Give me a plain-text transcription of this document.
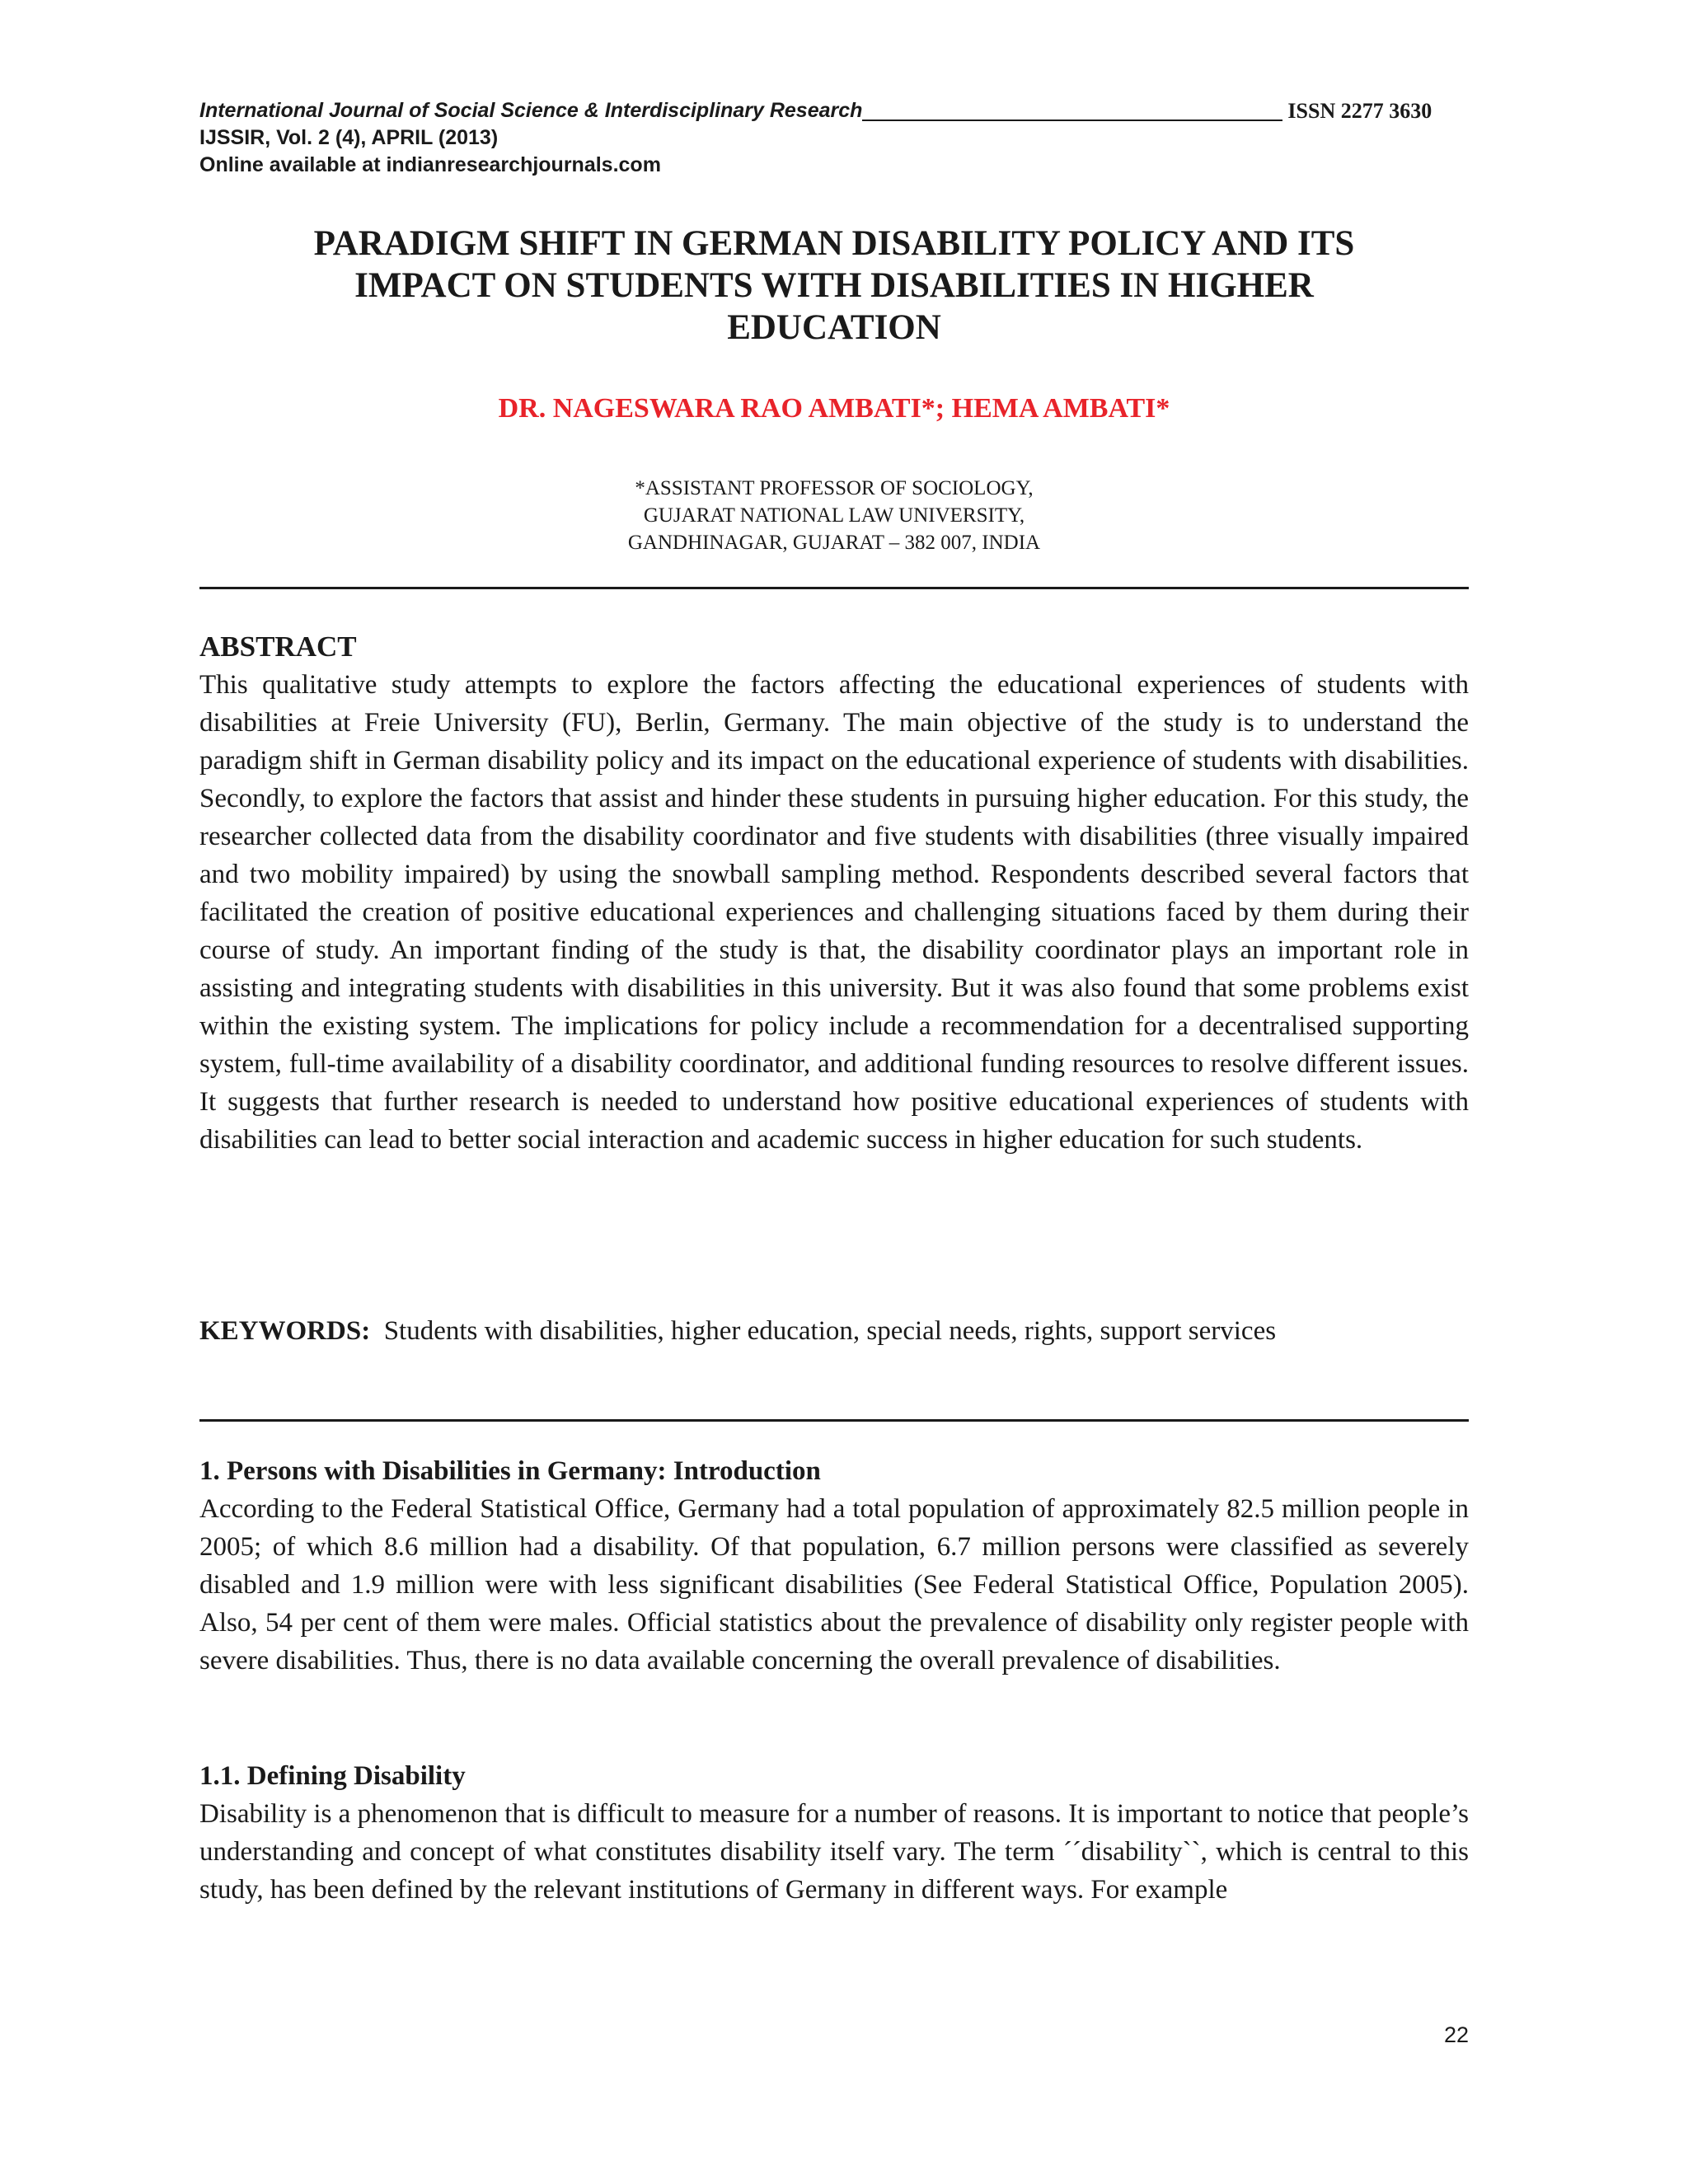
International Journal of Social Science & Interdisciplinary Research	ISSN 2277 3630
IJSSIR, Vol. 2 (4), APRIL (2013)
Online available at indianresearchjournals.com
PARADIGM SHIFT IN GERMAN DISABILITY POLICY AND ITS
IMPACT ON STUDENTS WITH DISABILITIES IN HIGHER
EDUCATION
DR. NAGESWARA RAO AMBATI*; HEMA AMBATI*
*ASSISTANT PROFESSOR OF SOCIOLOGY,
GUJARAT NATIONAL LAW UNIVERSITY,
GANDHINAGAR, GUJARAT – 382 007, INDIA
ABSTRACT

This qualitative study attempts to explore the factors affecting the educational experiences of students with disabilities at Freie University (FU), Berlin, Germany. The main objective of the study is to understand the paradigm shift in German disability policy and its impact on the educational experience of students with disabilities. Secondly, to explore the factors that assist and hinder these students in pursuing higher education. For this study, the researcher collected data from the disability coordinator and five students with disabilities (three visually impaired and two mobility impaired) by using the snowball sampling method. Respondents described several factors that facilitated the creation of positive educational experiences and challenging situations faced by them during their course of study. An important finding of the study is that, the disability coordinator plays an important role in assisting and integrating students with disabilities in this university. But it was also found that some problems exist within the existing system. The implications for policy include a recommendation for a decentralised supporting system, full-time availability of a disability coordinator, and additional funding resources to resolve different issues. It suggests that further research is needed to understand how positive educational experiences of students with disabilities can lead to better social interaction and academic success in higher education for such students.

KEYWORDS: Students with disabilities, higher education, special needs, rights, support services

1. Persons with Disabilities in Germany: Introduction

According to the Federal Statistical Office, Germany had a total population of approximately 82.5 million people in 2005; of which 8.6 million had a disability. Of that population, 6.7 million persons were classified as severely disabled and 1.9 million were with less significant disabilities (See Federal Statistical Office, Population 2005). Also, 54 per cent of them were males. Official statistics about the prevalence of disability only register people with severe disabilities. Thus, there is no data available concerning the overall prevalence of disabilities.

1.1. Defining Disability

Disability is a phenomenon that is difficult to measure for a number of reasons. It is important to notice that people’s understanding and concept of what constitutes disability itself vary. The term ´´disability``, which is central to this study, has been defined by the relevant institutions of Germany in different ways. For example

22
